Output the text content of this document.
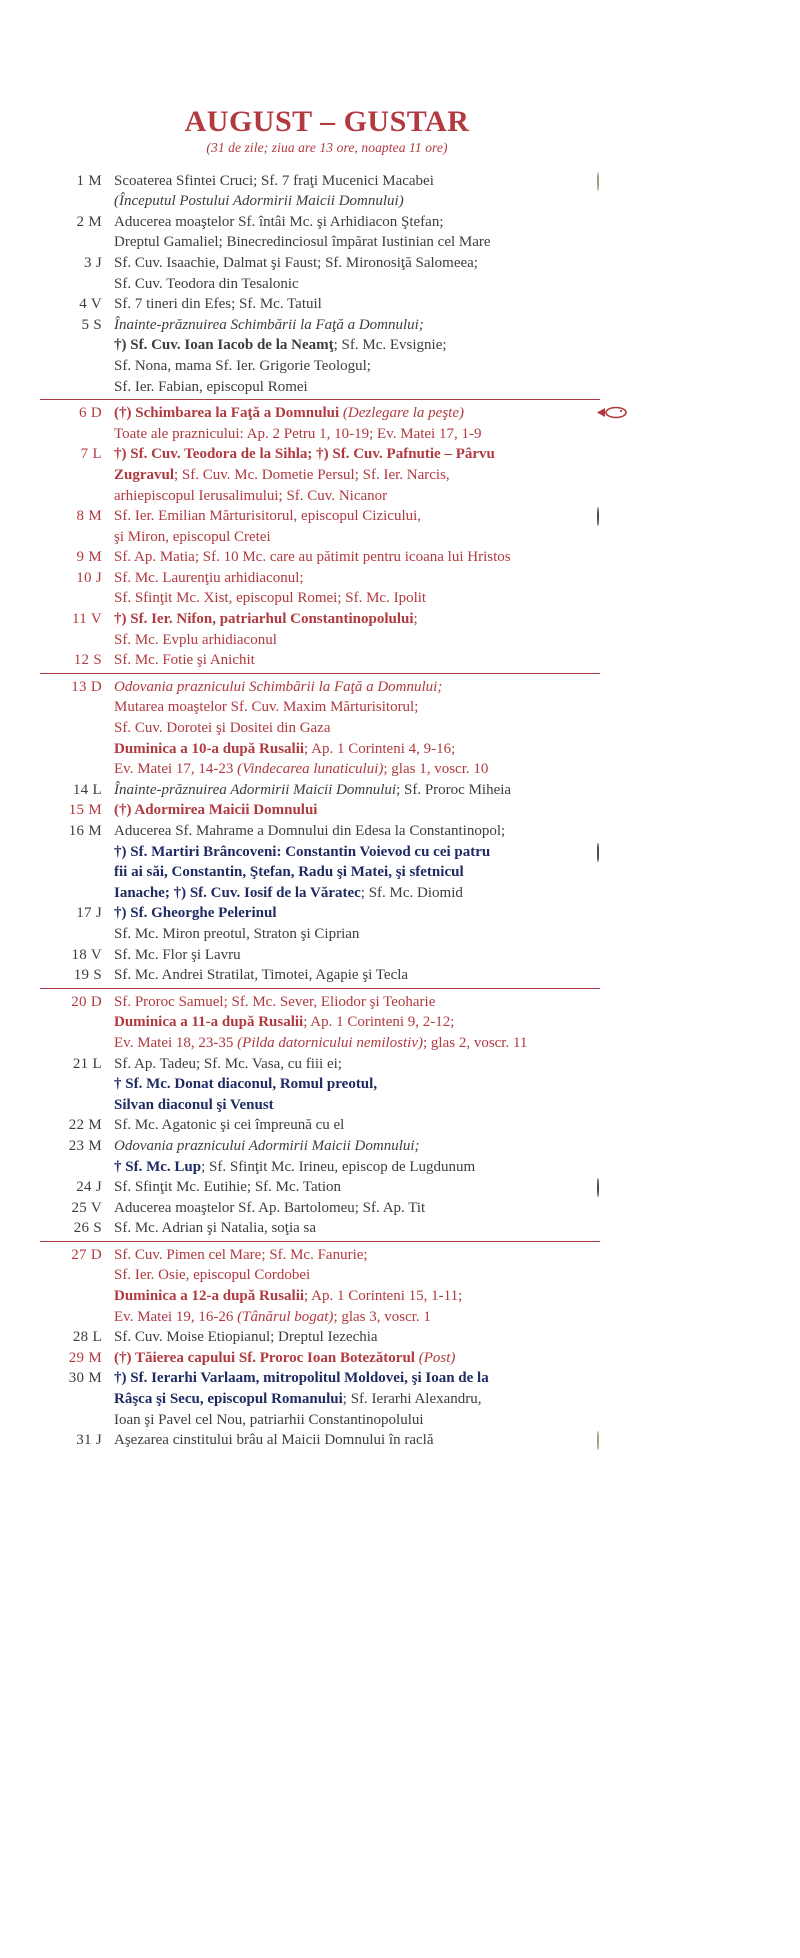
AUGUST – GUSTAR
(31 de zile; ziua are 13 ore, noaptea 11 ore)
1 M Scoaterea Sfintei Cruci; Sf. 7 fraţi Mucenici Macabei
(Începutul Postului Adormirii Maicii Domnului)
2 M Aducerea moaştelor Sf. întâi Mc. şi Arhidiacon Ştefan;
Dreptul Gamaliel; Binecredinciosul împărat Iustinian cel Mare
3 J Sf. Cuv. Isaachie, Dalmat şi Faust; Sf. Mironosiţă Salomeea;
Sf. Cuv. Teodora din Tesalonic
4 V Sf. 7 tineri din Efes; Sf. Mc. Tatuil
5 S Înainte-prăznuirea Schimbării la Faţă a Domnului;
†) Sf. Cuv. Ioan Iacob de la Neamţ; Sf. Mc. Evsignie;
Sf. Nona, mama Sf. Ier. Grigorie Teologul;
Sf. Ier. Fabian, episcopul Romei
6 D (†) Schimbarea la Faţă a Domnului (Dezlegare la peşte)
Toate ale praznicului: Ap. 2 Petru 1, 10-19; Ev. Matei 17, 1-9
7 L †) Sf. Cuv. Teodora de la Sihla; †) Sf. Cuv. Pafnutie – Pârvu
Zugravul; Sf. Cuv. Mc. Dometie Persul; Sf. Ier. Narcis,
arhiepiscopul Ierusalimului; Sf. Cuv. Nicanor
8 M Sf. Ier. Emilian Mărturisitorul, episcopul Cizicului,
şi Miron, episcopul Cretei
9 M Sf. Ap. Matia; Sf. 10 Mc. care au pătimit pentru icoana lui Hristos
10 J Sf. Mc. Laurenţiu arhidiaconul;
Sf. Sfinţit Mc. Xist, episcopul Romei; Sf. Mc. Ipolit
11 V †) Sf. Ier. Nifon, patriarhul Constantinopolului;
Sf. Mc. Evplu arhidiaconul
12 S Sf. Mc. Fotie şi Anichit
13 D Odovania praznicului Schimbării la Faţă a Domnului;
Mutarea moaştelor Sf. Cuv. Maxim Mărturisitorul;
Sf. Cuv. Dorotei şi Dositei din Gaza
Duminica a 10-a după Rusalii; Ap. 1 Corinteni 4, 9-16;
Ev. Matei 17, 14-23 (Vindecarea lunaticului); glas 1, voscr. 10
14 L Înainte-prăznuirea Adormirii Maicii Domnului; Sf. Proroc Miheia
15 M (†) Adormirea Maicii Domnului
16 M Aducerea Sf. Mahrame a Domnului din Edesa la Constantinopol;
†) Sf. Martiri Brâncoveni: Constantin Voievod cu cei patru
fii ai săi, Constantin, Ştefan, Radu şi Matei, şi sfetnicul
Ianache; †) Sf. Cuv. Iosif de la Văratec; Sf. Mc. Diomid
17 J †) Sf. Gheorghe Pelerinul
Sf. Mc. Miron preotul, Straton şi Ciprian
18 V Sf. Mc. Flor şi Lavru
19 S Sf. Mc. Andrei Stratilat, Timotei, Agapie şi Tecla
20 D Sf. Proroc Samuel; Sf. Mc. Sever, Eliodor şi Teoharie
Duminica a 11-a după Rusalii; Ap. 1 Corinteni 9, 2-12;
Ev. Matei 18, 23-35 (Pilda datornicului nemilostiv); glas 2, voscr. 11
21 L Sf. Ap. Tadeu; Sf. Mc. Vasa, cu fiii ei;
† Sf. Mc. Donat diaconul, Romul preotul,
Silvan diaconul şi Venust
22 M Sf. Mc. Agatonic şi cei împreună cu el
23 M Odovania praznicului Adormirii Maicii Domnului;
† Sf. Mc. Lup; Sf. Sfinţit Mc. Irineu, episcop de Lugdunum
24 J Sf. Sfinţit Mc. Eutihie; Sf. Mc. Tation
25 V Aducerea moaştelor Sf. Ap. Bartolomeu; Sf. Ap. Tit
26 S Sf. Mc. Adrian şi Natalia, soţia sa
27 D Sf. Cuv. Pimen cel Mare; Sf. Mc. Fanurie;
Sf. Ier. Osie, episcopul Cordobei
Duminica a 12-a după Rusalii; Ap. 1 Corinteni 15, 1-11;
Ev. Matei 19, 16-26 (Tânărul bogat); glas 3, voscr. 1
28 L Sf. Cuv. Moise Etiopianul; Dreptul Iezechia
29 M (†) Tăierea capului Sf. Proroc Ioan Botezătorul (Post)
30 M †) Sf. Ierarhi Varlaam, mitropolitul Moldovei, şi Ioan de la
Râşca şi Secu, episcopul Romanului; Sf. Ierarhi Alexandru,
Ioan şi Pavel cel Nou, patriarhii Constantinopolului
31 J Aşezarea cinstitului brâu al Maicii Domnului în raclă
